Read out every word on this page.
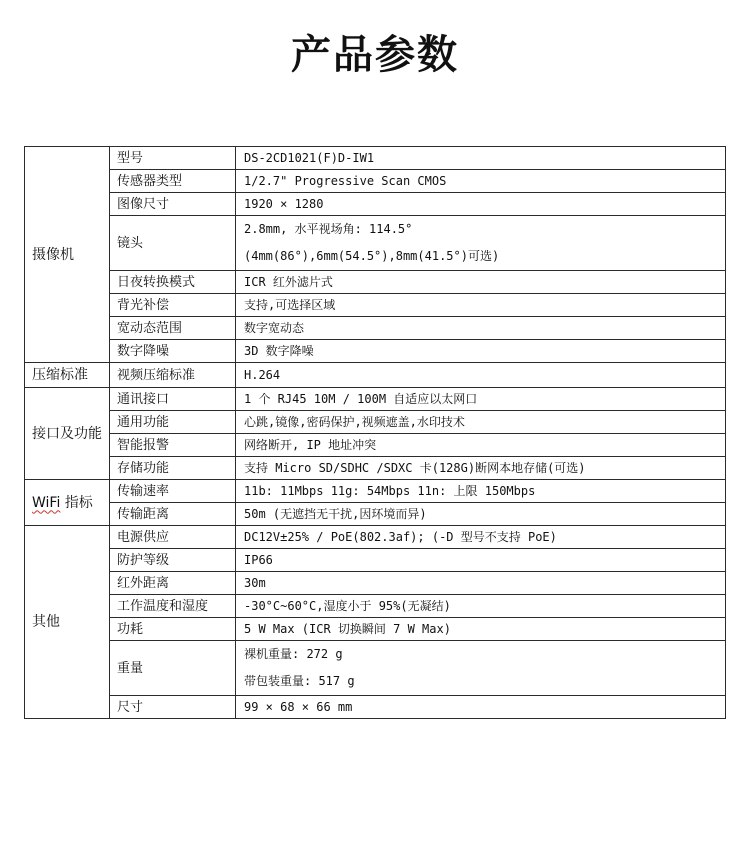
产品参数
摄像机	型号	DS-2CD1021(F)D-IW1
	传感器类型	1/2.7" Progressive Scan CMOS
	图像尺寸	1920 × 1280
	镜头	2.8mm, 水平视场角: 114.5°
(4mm(86°),6mm(54.5°),8mm(41.5°)可选)

	日夜转换模式	ICR 红外滤片式
	背光补偿	支持,可选择区域
	宽动态范围	数字宽动态
	数字降噪	3D 数字降噪
压缩标准	视频压缩标准	H.264
接口及功能	通讯接口	1 个 RJ45 10M / 100M 自适应以太网口
	通用功能	心跳,镜像,密码保护,视频遮盖,水印技术
	智能报警	网络断开, IP 地址冲突
	存储功能	支持 Micro SD/SDHC /SDXC 卡(128G)断网本地存储(可选)
WiFi 指标	传输速率	11b: 11Mbps 11g: 54Mbps 11n: 上限 150Mbps
	传输距离	50m (无遮挡无干扰,因环境而异)
其他	电源供应	DC12V±25% / PoE(802.3af); (-D 型号不支持 PoE)
	防护等级	IP66
	红外距离	30m
	工作温度和湿度	-30°C~60°C,湿度小于 95%(无凝结)
	功耗	5 W Max (ICR 切换瞬间 7 W Max)
	重量	裸机重量: 272 g
带包装重量: 517 g

	尺寸	99 × 68 × 66 mm
